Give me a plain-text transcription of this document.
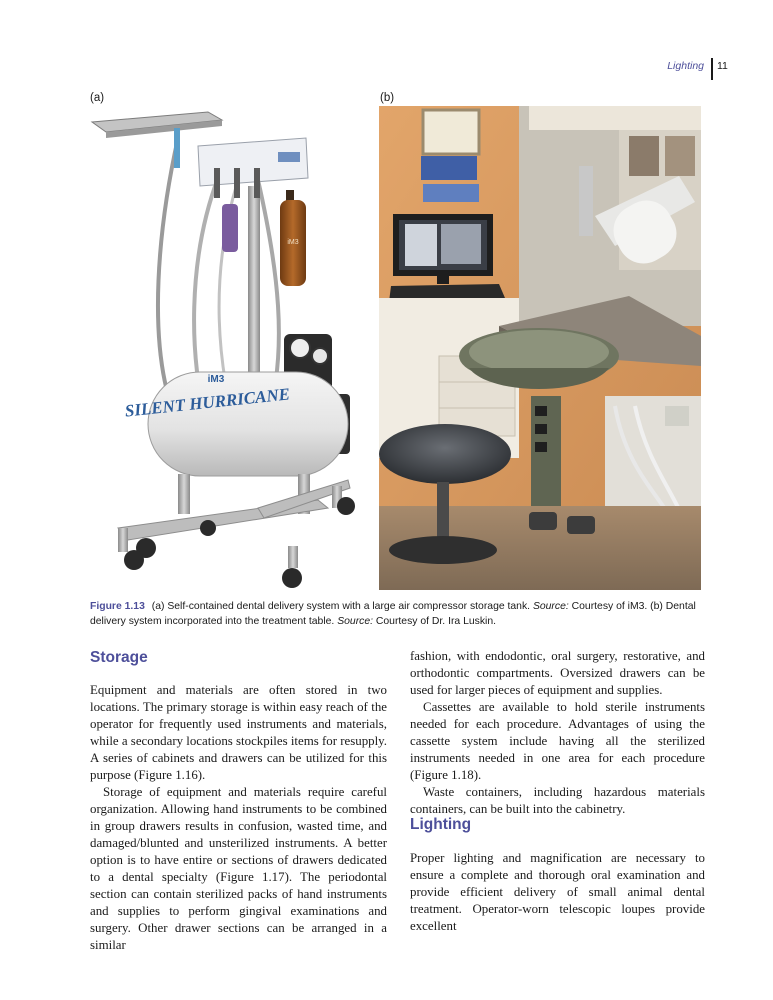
Lighting 11
(a)	(b)
iM3
SILENT HURRICANE
iM3
Figure 1.13 (a) Self-contained dental delivery system with a large air compressor storage tank. Source: Courtesy of iM3. (b) Dental delivery system incorporated into the treatment table. Source: Courtesy of Dr. Ira Luskin.
Storage

Equipment and materials are often stored in two locations. The primary storage is within easy reach of the operator for frequently used instruments and materials, while a secondary locations stockpiles items for resupply. A series of cabinets and drawers can be utilized for this purpose (Figure 1.16).

Storage of equipment and materials require careful organization. Allowing hand instruments to be combined in group drawers results in confusion, wasted time, and damaged/blunted and unsterilized instruments. A better option is to have entire or sections of drawers dedicated to a dental specialty (Figure 1.17). The periodontal section can contain sterilized packs of hand instruments and supplies to perform gingival examinations and surgery. Other drawer sections can be arranged in a similar

fashion, with endodontic, oral surgery, restorative, and orthodontic compartments. Oversized drawers can be used for larger pieces of equipment and supplies.

Cassettes are available to hold sterile instruments needed for each procedure. Advantages of using the cassette system include having all the sterilized instruments needed in one area for each procedure (Figure 1.18).

Waste containers, including hazardous materials containers, can be built into the cabinetry.

Lighting

Proper lighting and magnification are necessary to ensure a complete and thorough oral examination and provide efficient delivery of small animal dental treatment. Operator-worn telescopic loupes provide excellent
